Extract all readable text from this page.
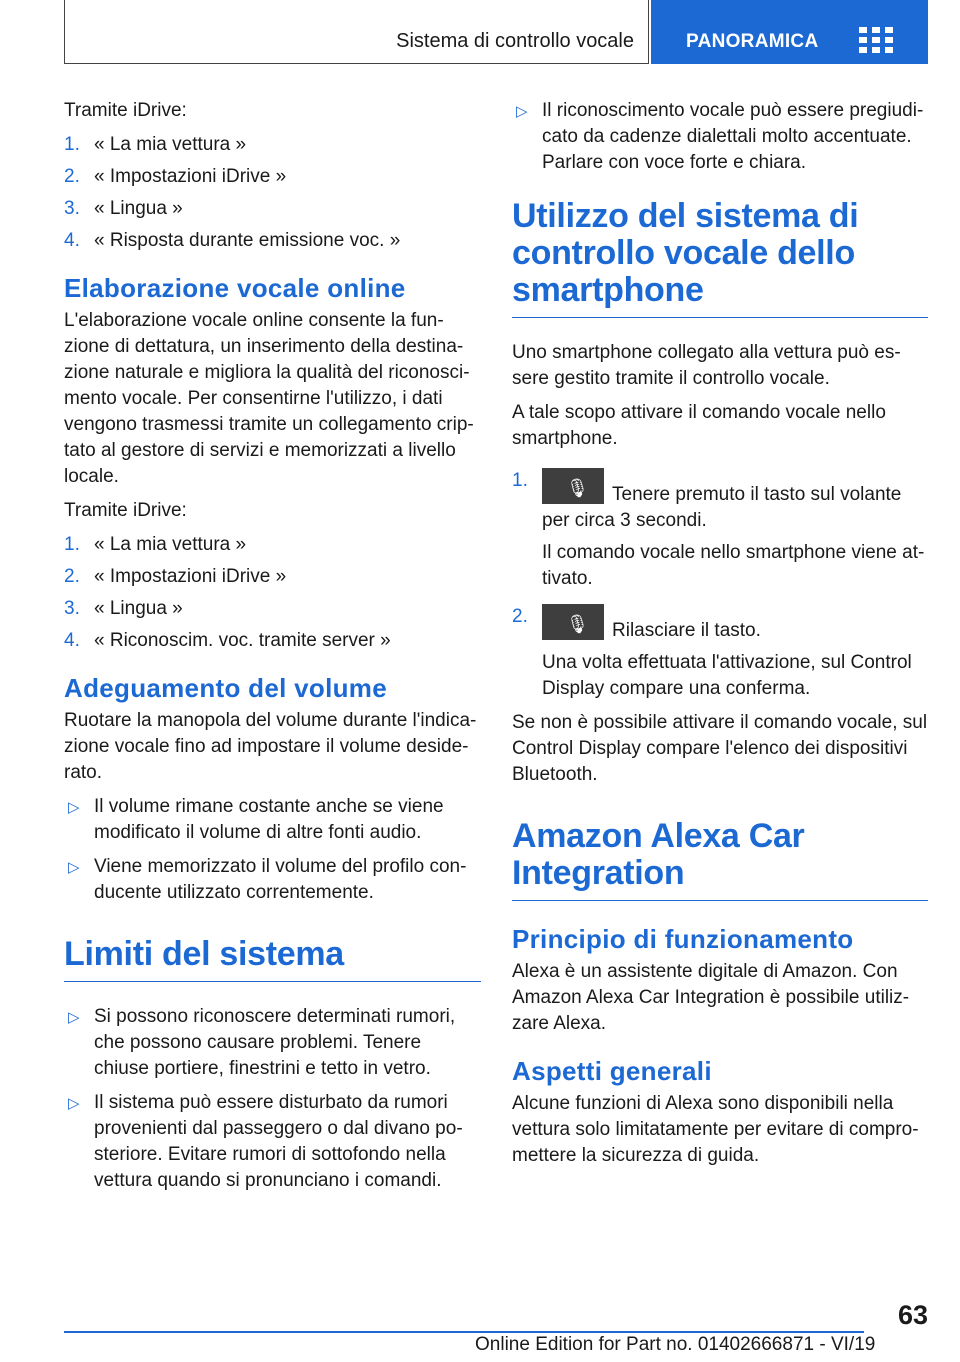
Sistema di controllo vocale	PANORAMICA

Tramite iDrive:

1. « La mia vettura »
2. « Impostazioni iDrive »
3. « Lingua »
4. « Risposta durante emissione voc. »
Elaborazione vocale online

L'elaborazione vocale online consente la funzione di dettatura, un inserimento della destinazione naturale e migliora la qualità del riconoscimento vocale. Per consentirne l'utilizzo, i dati vengono trasmessi tramite un collegamento criptato al gestore di servizi e memorizzati a livello locale.

Tramite iDrive:

1. « La mia vettura »
2. « Impostazioni iDrive »
3. « Lingua »
4. « Riconoscim. voc. tramite server »
Adeguamento del volume

Ruotare la manopola del volume durante l'indicazione vocale fino ad impostare il volume desiderato.

▷ Il volume rimane costante anche se viene modificato il volume di altre fonti audio.
▷ Viene memorizzato il volume del profilo conducente utilizzato correntemente.
Limiti del sistema
▷ Si possono riconoscere determinati rumori, che possono causare problemi. Tenere chiuse portiere, finestrini e tetto in vetro.
▷ Il sistema può essere disturbato da rumori provenienti dal passeggero o dal divano posteriore. Evitare rumori di sottofondo nella vettura quando si pronunciano i comandi.
▷ Il riconoscimento vocale può essere pregiudicato da cadenze dialettali molto accentuate. Parlare con voce forte e chiara.
Utilizzo del sistema di controllo vocale dello smartphone

Uno smartphone collegato alla vettura può essere gestito tramite il controllo vocale.

A tale scopo attivare il comando vocale nello smartphone.

1. 🎙 Tenere premuto il tasto sul volante per circa 3 secondi.
Il comando vocale nello smartphone viene attivato.
2. 🎙 Rilasciare il tasto.
Una volta effettuata l'attivazione, sul Control Display compare una conferma.

Se non è possibile attivare il comando vocale, sul Control Display compare l'elenco dei dispositivi Bluetooth.

Amazon Alexa Car Integration
Principio di funzionamento

Alexa è un assistente digitale di Amazon. Con Amazon Alexa Car Integration è possibile utilizzare Alexa.

Aspetti generali

Alcune funzioni di Alexa sono disponibili nella vettura solo limitatamente per evitare di compromettere la sicurezza di guida.

63
Online Edition for Part no. 01402666871 - VI/19
